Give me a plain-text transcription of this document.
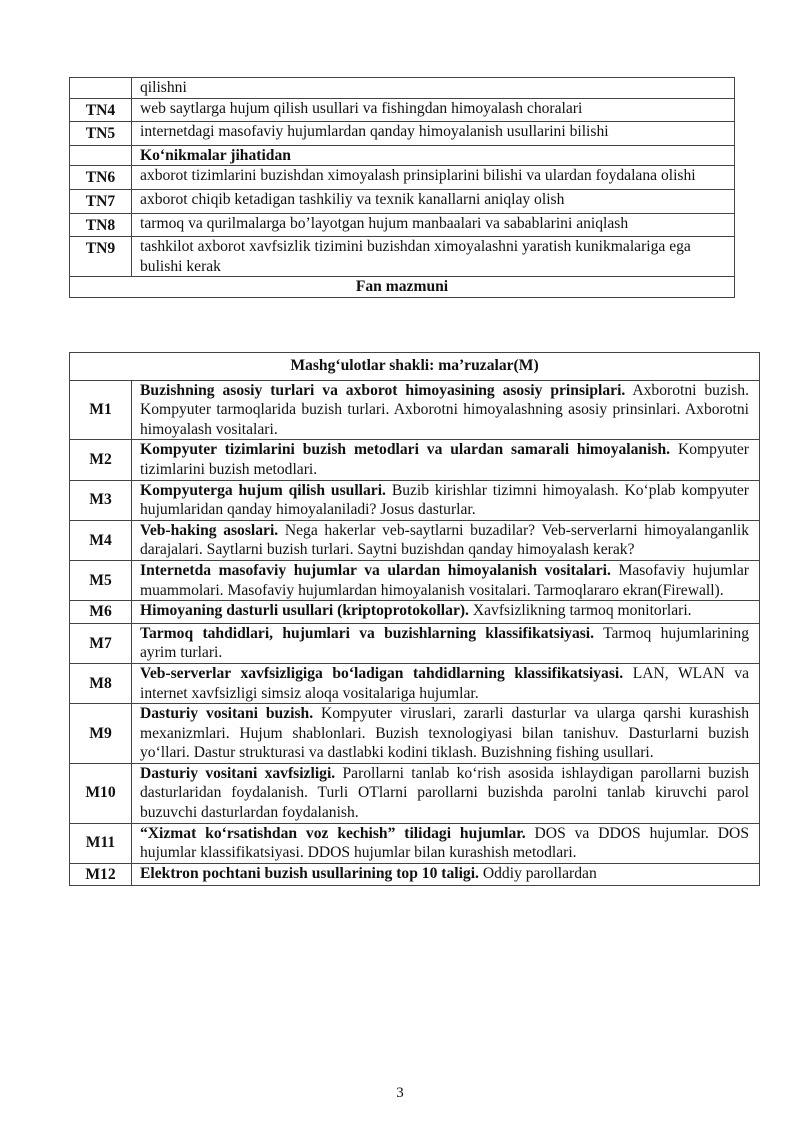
	qilishni
TN4	web saytlarga hujum qilish usullari va fishingdan himoyalash choralari
TN5	internetdagi masofaviy hujumlardan qanday himoyalanish usullarini bilishi
	Ko‘nikmalar jihatidan
TN6	axborot tizimlarini buzishdan ximoyalash prinsiplarini bilishi va ulardan foydalana olishi
TN7	axborot chiqib ketadigan tashkiliy va texnik kanallarni aniqlay olish
TN8	tarmoq va qurilmalarga bo’layotgan hujum manbaalari va sabablarini aniqlash
TN9	tashkilot axborot xavfsizlik tizimini buzishdan ximoyalashni yaratish kunikmalariga ega bulishi kerak
Fan mazmuni	
Mashg‘ulotlar shakli: ma’ruzalar(M)	
M1	Buzishning asosiy turlari va axborot himoyasining asosiy prinsiplari. Axborotni buzish. Kompyuter tarmoqlarida buzish turlari. Axborotni himoyalashning asosiy prinsinlari. Axborotni himoyalash vositalari.
M2	Kompyuter tizimlarini buzish metodlari va ulardan samarali himoyalanish. Kompyuter tizimlarini buzish metodlari.
M3	Kompyuterga hujum qilish usullari. Buzib kirishlar tizimni himoyalash. Ko‘plab kompyuter hujumlaridan qanday himoyalaniladi? Josus dasturlar.
M4	Veb-haking asoslari. Nega hakerlar veb-saytlarni buzadilar? Veb-serverlarni himoyalanganlik darajalari. Saytlarni buzish turlari. Saytni buzishdan qanday himoyalash kerak?
M5	Internetda masofaviy hujumlar va ulardan himoyalanish vositalari. Masofaviy hujumlar muammolari. Masofaviy hujumlardan himoyalanish vositalari. Tarmoqlararo ekran(Firewall).
M6	Himoyaning dasturli usullari (kriptoprotokollar). Xavfsizlikning tarmoq monitorlari.
M7	Tarmoq tahdidlari, hujumlari va buzishlarning klassifikatsiyasi. Tarmoq hujumlarining ayrim turlari.
M8	Veb-serverlar xavfsizligiga bo‘ladigan tahdidlarning klassifikatsiyasi. LAN, WLAN va internet xavfsizligi simsiz aloqa vositalariga hujumlar.
M9	Dasturiy vositani buzish. Kompyuter viruslari, zararli dasturlar va ularga qarshi kurashish mexanizmlari. Hujum shablonlari. Buzish texnologiyasi bilan tanishuv. Dasturlarni buzish yo‘llari. Dastur strukturasi va dastlabki kodini tiklash. Buzishning fishing usullari.
M10	Dasturiy vositani xavfsizligi. Parollarni tanlab ko‘rish asosida ishlaydigan parollarni buzish dasturlaridan foydalanish. Turli OTlarni parollarni buzishda parolni tanlab kiruvchi parol buzuvchi dasturlardan foydalanish.
M11	“Xizmat ko‘rsatishdan voz kechish” tilidagi hujumlar. DOS va DDOS hujumlar. DOS hujumlar klassifikatsiyasi. DDOS hujumlar bilan kurashish metodlari.
M12	Elektron pochtani buzish usullarining top 10 taligi. Oddiy parollardan
3
